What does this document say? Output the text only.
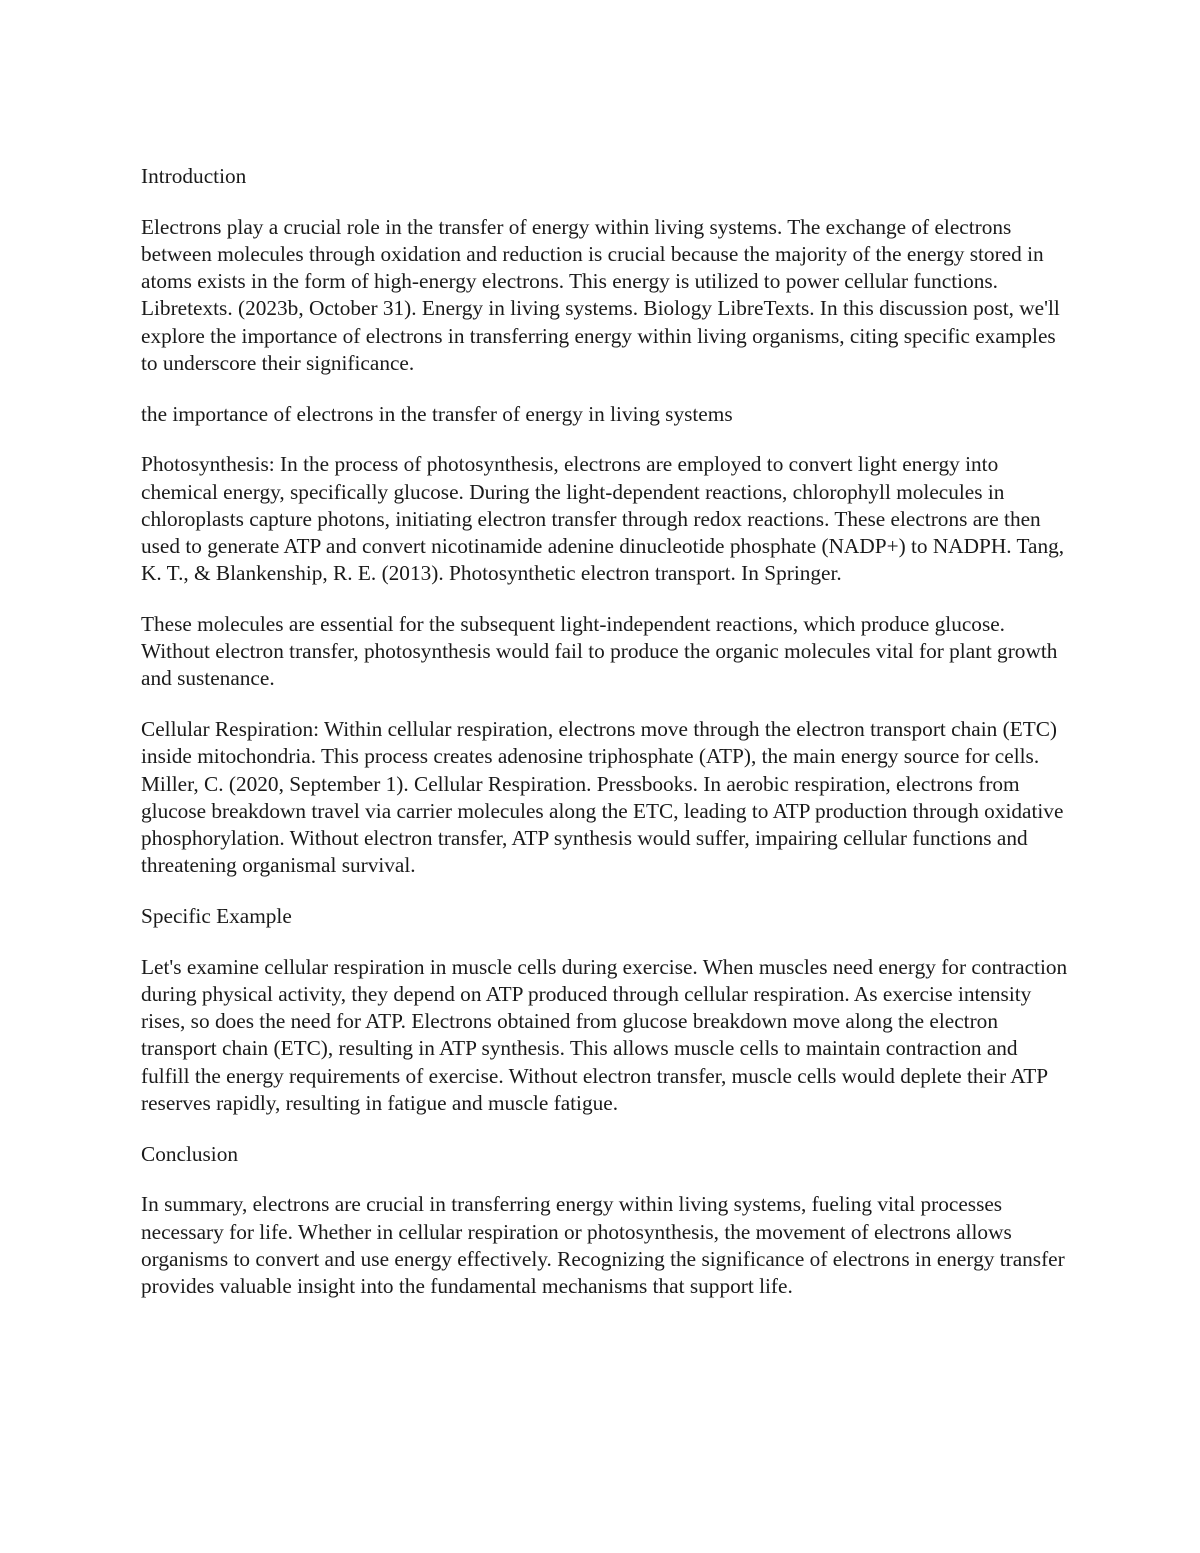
Introduction

Electrons play a crucial role in the transfer of energy within living systems. The exchange of electrons between molecules through oxidation and reduction is crucial because the majority of the energy stored in atoms exists in the form of high-energy electrons. This energy is utilized to power cellular functions. Libretexts. (2023b, October 31). Energy in living systems. Biology LibreTexts. In this discussion post, we'll explore the importance of electrons in transferring energy within living organisms, citing specific examples to underscore their significance.

the importance of electrons in the transfer of energy in living systems

Photosynthesis: In the process of photosynthesis, electrons are employed to convert light energy into chemical energy, specifically glucose. During the light-dependent reactions, chlorophyll molecules in chloroplasts capture photons, initiating electron transfer through redox reactions. These electrons are then used to generate ATP and convert nicotinamide adenine dinucleotide phosphate (NADP+) to NADPH. Tang, K. T., & Blankenship, R. E. (2013). Photosynthetic electron transport. In Springer.

These molecules are essential for the subsequent light-independent reactions, which produce glucose. Without electron transfer, photosynthesis would fail to produce the organic molecules vital for plant growth and sustenance.

Cellular Respiration: Within cellular respiration, electrons move through the electron transport chain (ETC) inside mitochondria. This process creates adenosine triphosphate (ATP), the main energy source for cells. Miller, C. (2020, September 1). Cellular Respiration. Pressbooks. In aerobic respiration, electrons from glucose breakdown travel via carrier molecules along the ETC, leading to ATP production through oxidative phosphorylation. Without electron transfer, ATP synthesis would suffer, impairing cellular functions and threatening organismal survival.

Specific Example

Let's examine cellular respiration in muscle cells during exercise. When muscles need energy for contraction during physical activity, they depend on ATP produced through cellular respiration. As exercise intensity rises, so does the need for ATP. Electrons obtained from glucose breakdown move along the electron transport chain (ETC), resulting in ATP synthesis. This allows muscle cells to maintain contraction and fulfill the energy requirements of exercise. Without electron transfer, muscle cells would deplete their ATP reserves rapidly, resulting in fatigue and muscle fatigue.

Conclusion

In summary, electrons are crucial in transferring energy within living systems, fueling vital processes necessary for life. Whether in cellular respiration or photosynthesis, the movement of electrons allows organisms to convert and use energy effectively. Recognizing the significance of electrons in energy transfer provides valuable insight into the fundamental mechanisms that support life.
